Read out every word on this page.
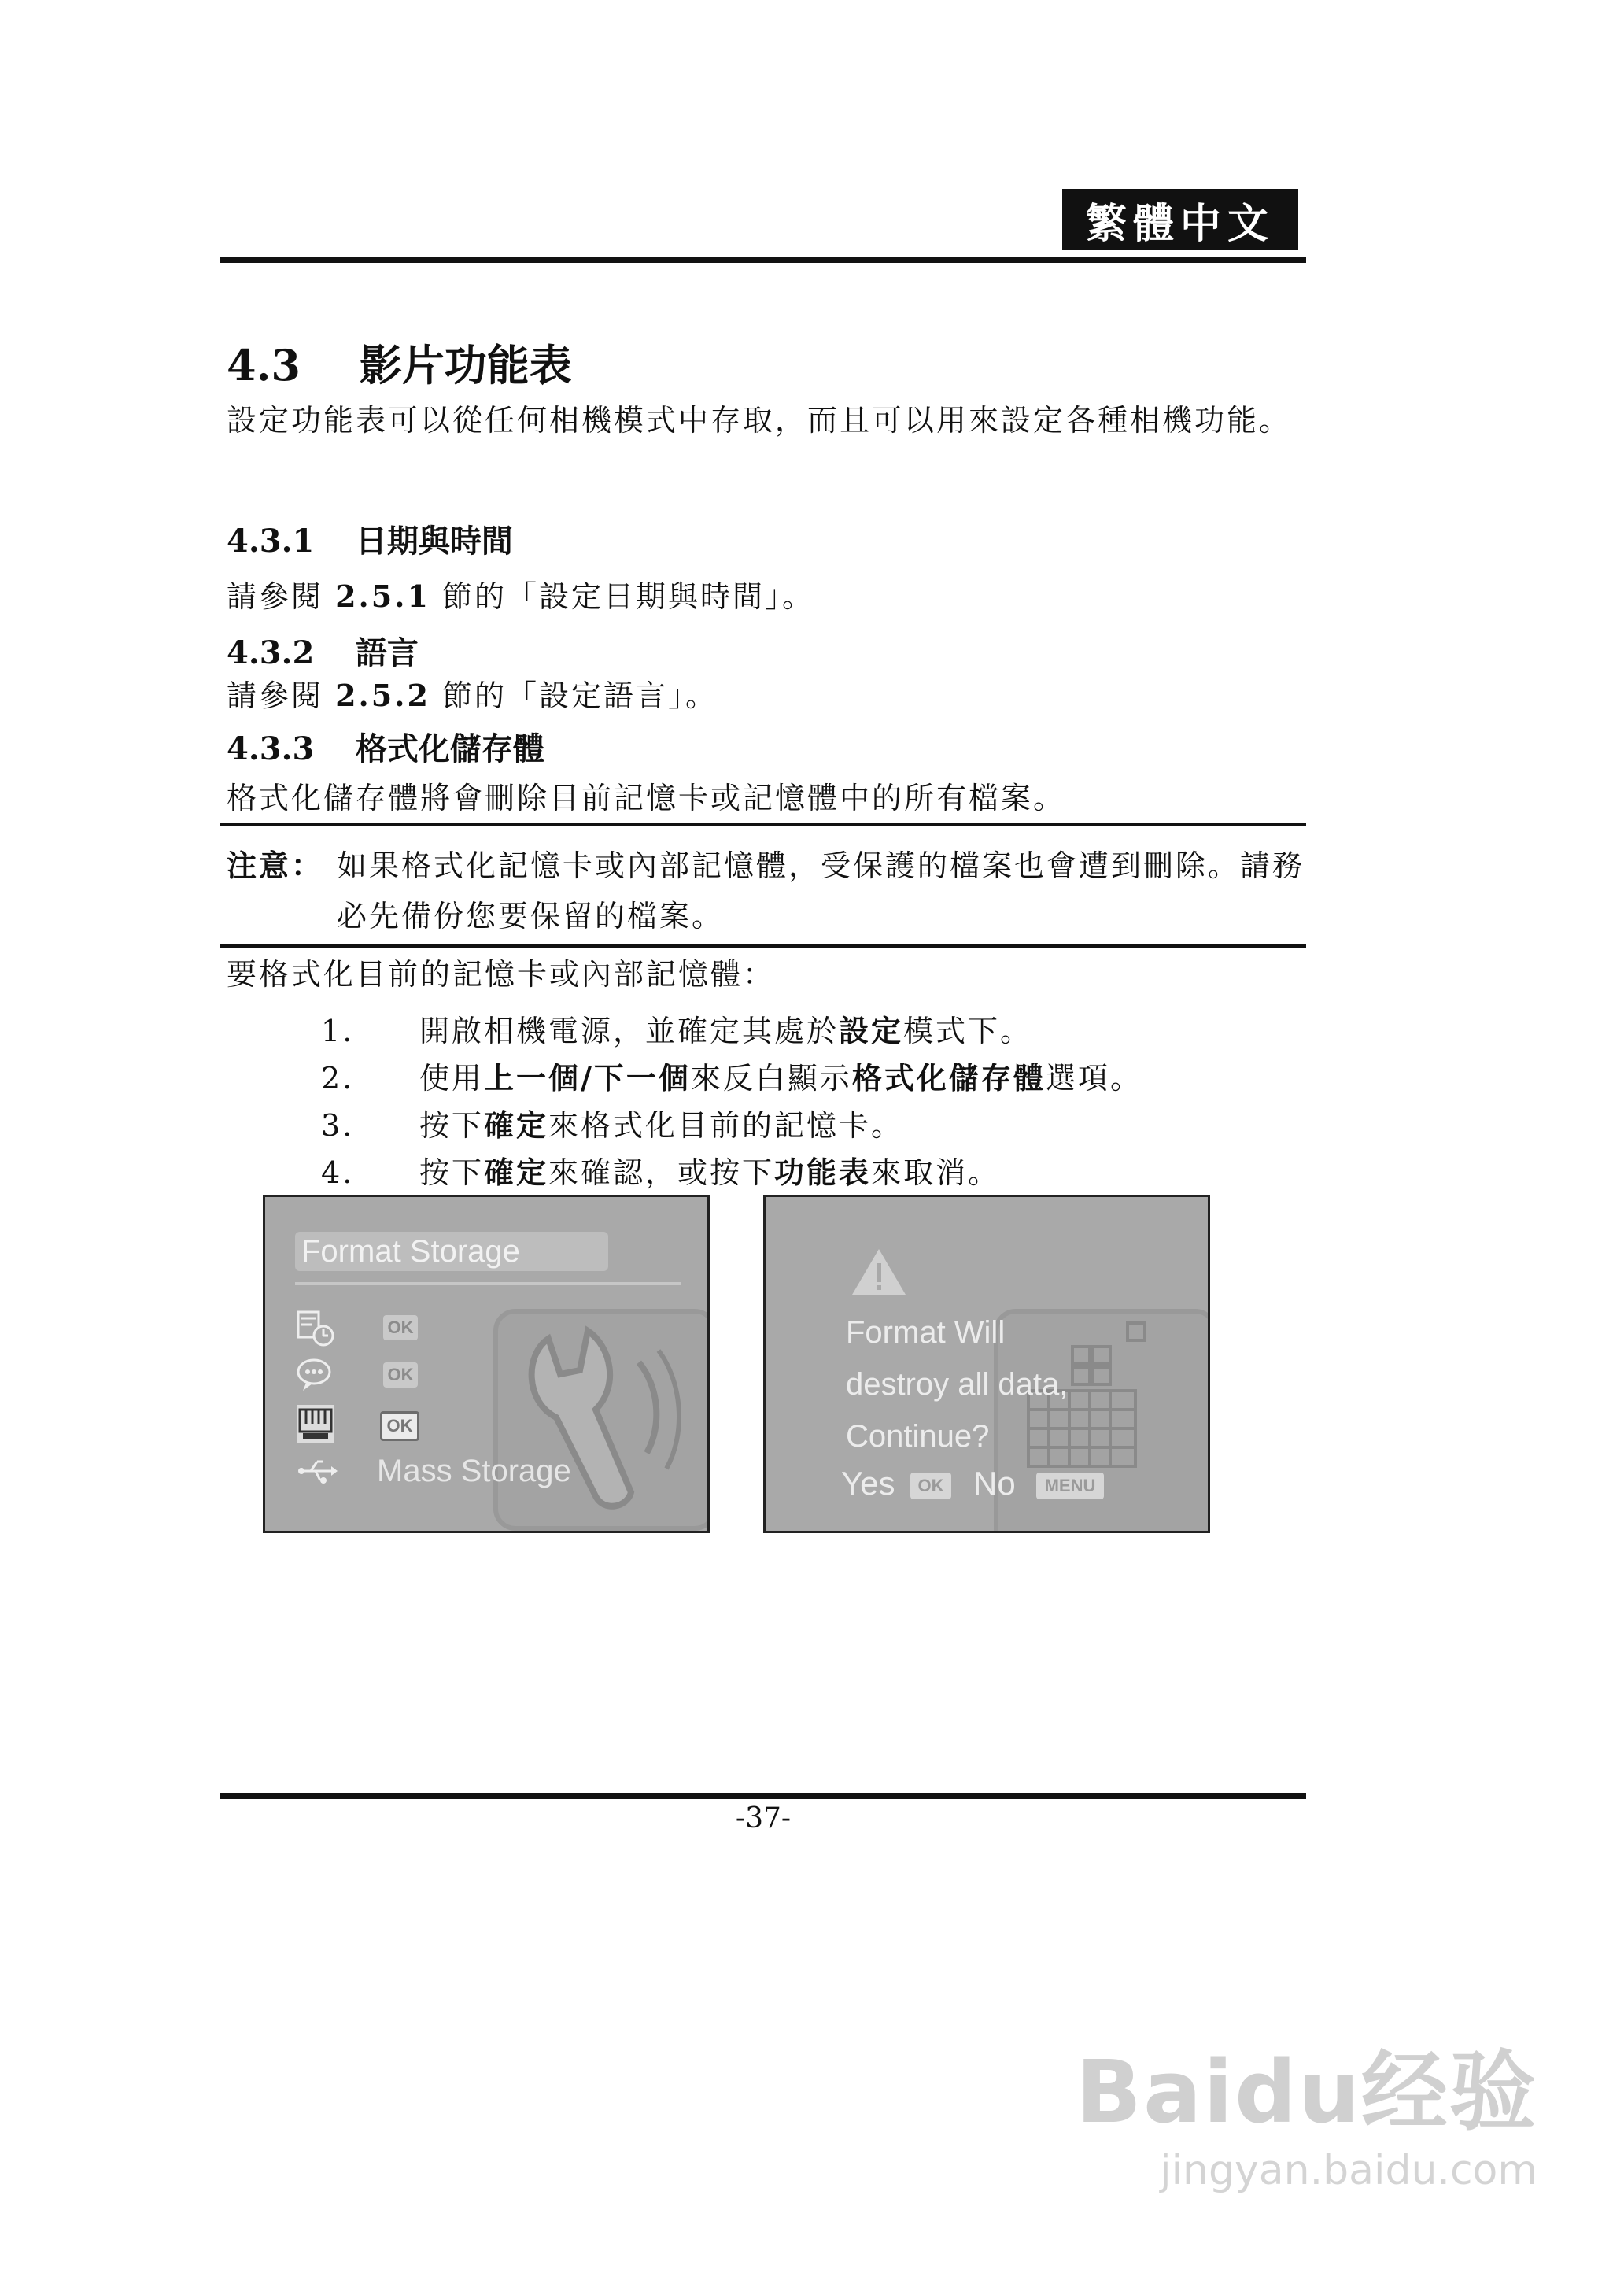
繁體中文
4.3 影片功能表
設定功能表可以從任何相機模式中存取，而且可以用來設定各種相機功能。
4.3.1 日期與時間
請參閱 2.5.1 節的「設定日期與時間」。
4.3.2 語言
請參閱 2.5.2 節的「設定語言」。
4.3.3 格式化儲存體
格式化儲存體將會刪除目前記憶卡或記憶體中的所有檔案。
注意： 如果格式化記憶卡或內部記憶體，受保護的檔案也會遭到刪除。請務必先備份您要保留的檔案。
要格式化目前的記憶卡或內部記憶體：
1. 開啟相機電源，並確定其處於設定模式下。
2. 使用上一個/下一個來反白顯示格式化儲存體選項。
3. 按下確定來格式化目前的記憶卡。
4. 按下確定來確認，或按下功能表來取消。
Format Storage
OK
OK
OK
Mass Storage
Format Will
destroy all data,
Continue?
Yes	OK No	MENU
-37-
Baidu经验
jingyan.baidu.com
